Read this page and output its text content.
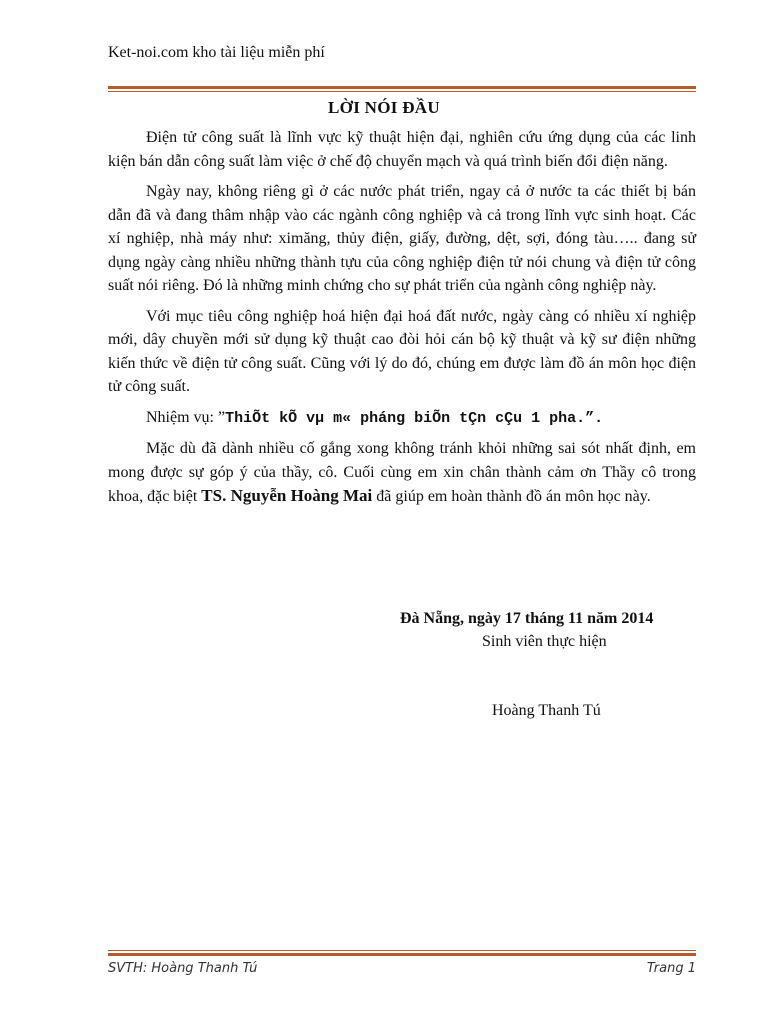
Ket-noi.com kho tài liệu miễn phí
LỜI NÓI ĐẦU

Điện tử công suất là lĩnh vực kỹ thuật hiện đại, nghiên cứu ứng dụng của các linh kiện bán dẫn công suất làm việc ở chế độ chuyển mạch và quá trình biến đổi điện năng.

Ngày nay, không riêng gì ở các nước phát triển, ngay cả ở nước ta các thiết bị bán dẫn đã và đang thâm nhập vào các ngành công nghiệp và cả trong lĩnh vực sinh hoạt. Các xí nghiệp, nhà máy như: ximăng, thủy điện, giấy, đường, dệt, sợi, đóng tàu….. đang sử dụng ngày càng nhiều những thành tựu của công nghiệp điện tử nói chung và điện tử công suất nói riêng. Đó là những minh chứng cho sự phát triển của ngành công nghiệp này.

Với mục tiêu công nghiệp hoá hiện đại hoá đất nước, ngày càng có nhiều xí nghiệp mới, dây chuyền mới sử dụng kỹ thuật cao đòi hỏi cán bộ kỹ thuật và kỹ sư điện những kiến thức về điện tử công suất. Cũng với lý do đó, chúng em được làm đồ án môn học điện tử công suất.

Nhiệm vụ: ”ThiÕt kÕ vµ m« pháng biÕn tÇn cÇu 1 pha.”.

Mặc dù đã dành nhiều cố gắng xong không tránh khỏi những sai sót nhất định, em mong được sự góp ý của thầy, cô. Cuối cùng em xin chân thành cảm ơn Thầy cô trong khoa, đặc biệt TS. Nguyễn Hoàng Mai đã giúp em hoàn thành đồ án môn học này.

Đà Nẵng, ngày 17 tháng 11 năm 2014
Sinh viên thực hiện
Hoàng Thanh Tú
SVTH: Hoàng Thanh Tú	Trang 1
